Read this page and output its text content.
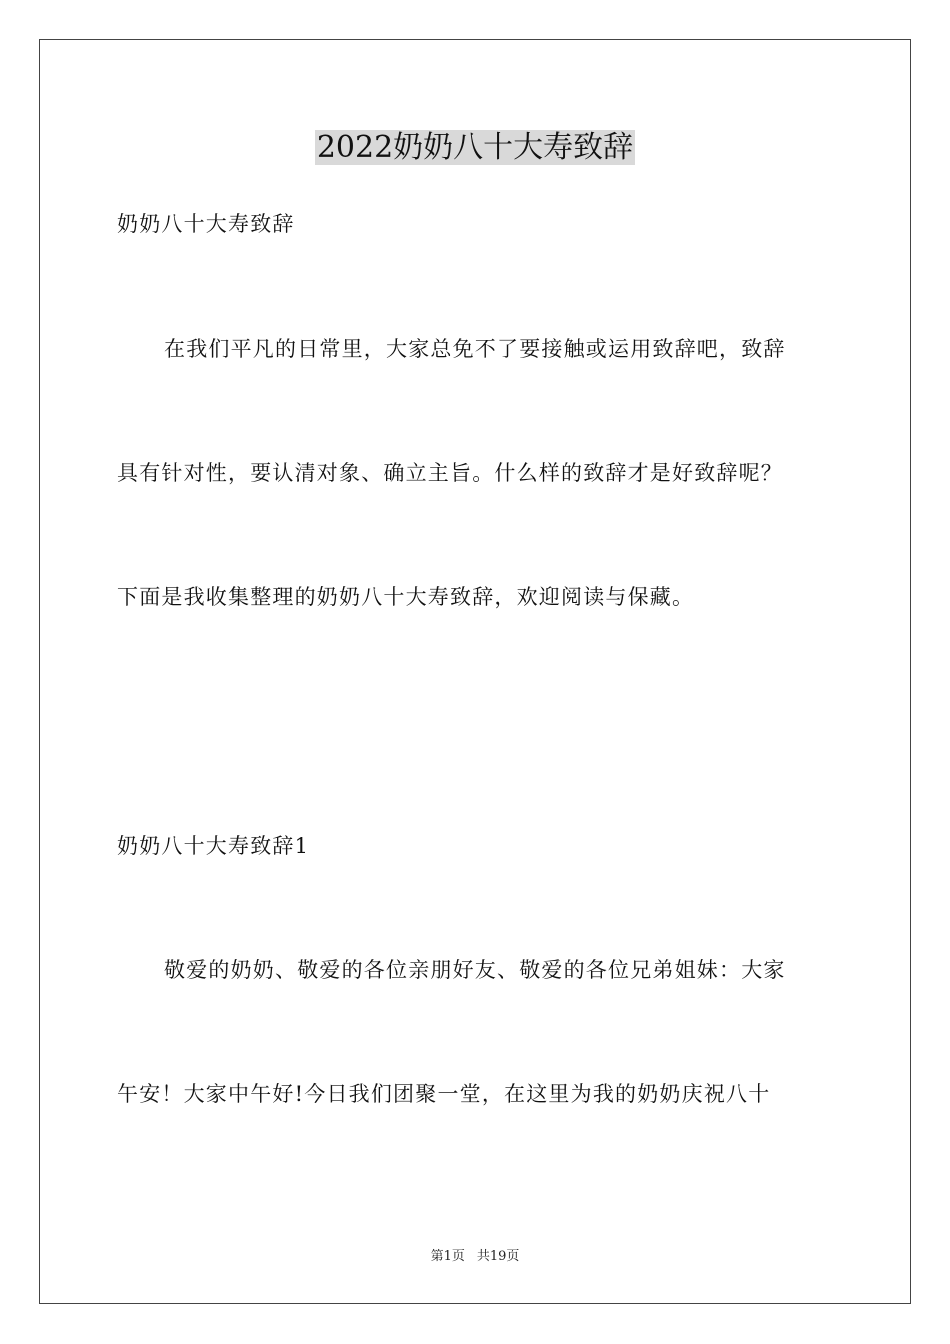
2022奶奶八十大寿致辞

奶奶八十大寿致辞

在我们平凡的日常里，大家总免不了要接触或运用致辞吧，致辞

具有针对性，要认清对象、确立主旨。什么样的致辞才是好致辞呢？

下面是我收集整理的奶奶八十大寿致辞，欢迎阅读与保藏。

奶奶八十大寿致辞1

敬爱的奶奶、敬爱的各位亲朋好友、敬爱的各位兄弟姐妹：大家

午安！大家中午好!今日我们团聚一堂，在这里为我的奶奶庆祝八十

第1页 共19页
